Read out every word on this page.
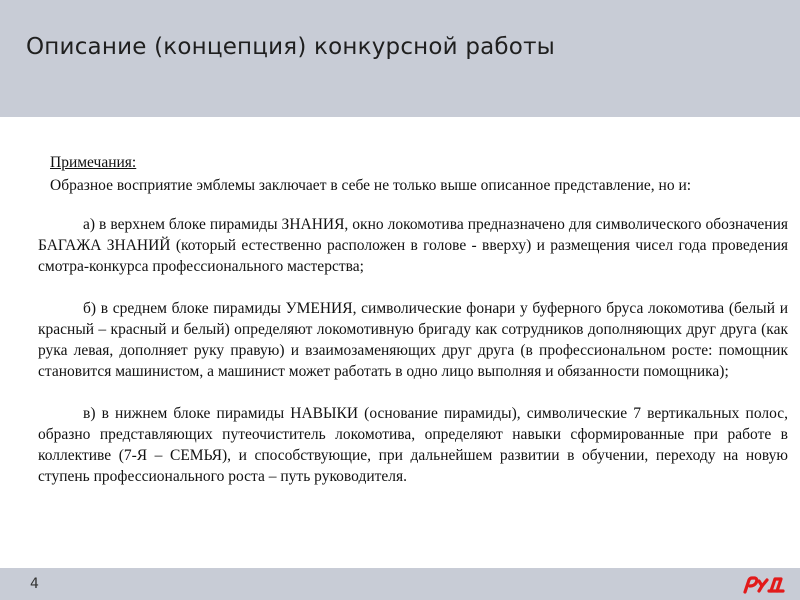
Описание (концепция) конкурсной работы
Примечания:
Образное восприятие эмблемы заключает в себе не только выше описанное представление, но и:
а) в верхнем блоке пирамиды ЗНАНИЯ, окно локомотива предназначено для символического обозначения БАГАЖА ЗНАНИЙ (который естественно расположен в голове - вверху) и размещения чисел года проведения смотра-конкурса профессионального мастерства;
б) в среднем блоке пирамиды УМЕНИЯ, символические фонари у буферного бруса локомотива (белый и красный – красный и белый) определяют локомотивную бригаду как сотрудников дополняющих друг друга (как рука левая, дополняет руку правую) и взаимозаменяющих друг друга (в профессиональном росте: помощник становится машинистом, а машинист может работать в одно лицо выполняя и обязанности помощника);
в) в нижнем блоке пирамиды НАВЫКИ (основание пирамиды), символические 7 вертикальных полос, образно представляющих путеочиститель локомотива, определяют навыки сформированные при работе в коллективе (7-Я – СЕМЬЯ), и способствующие, при дальнейшем развитии в обучении, переходу на новую ступень профессионального роста – путь руководителя.
4
